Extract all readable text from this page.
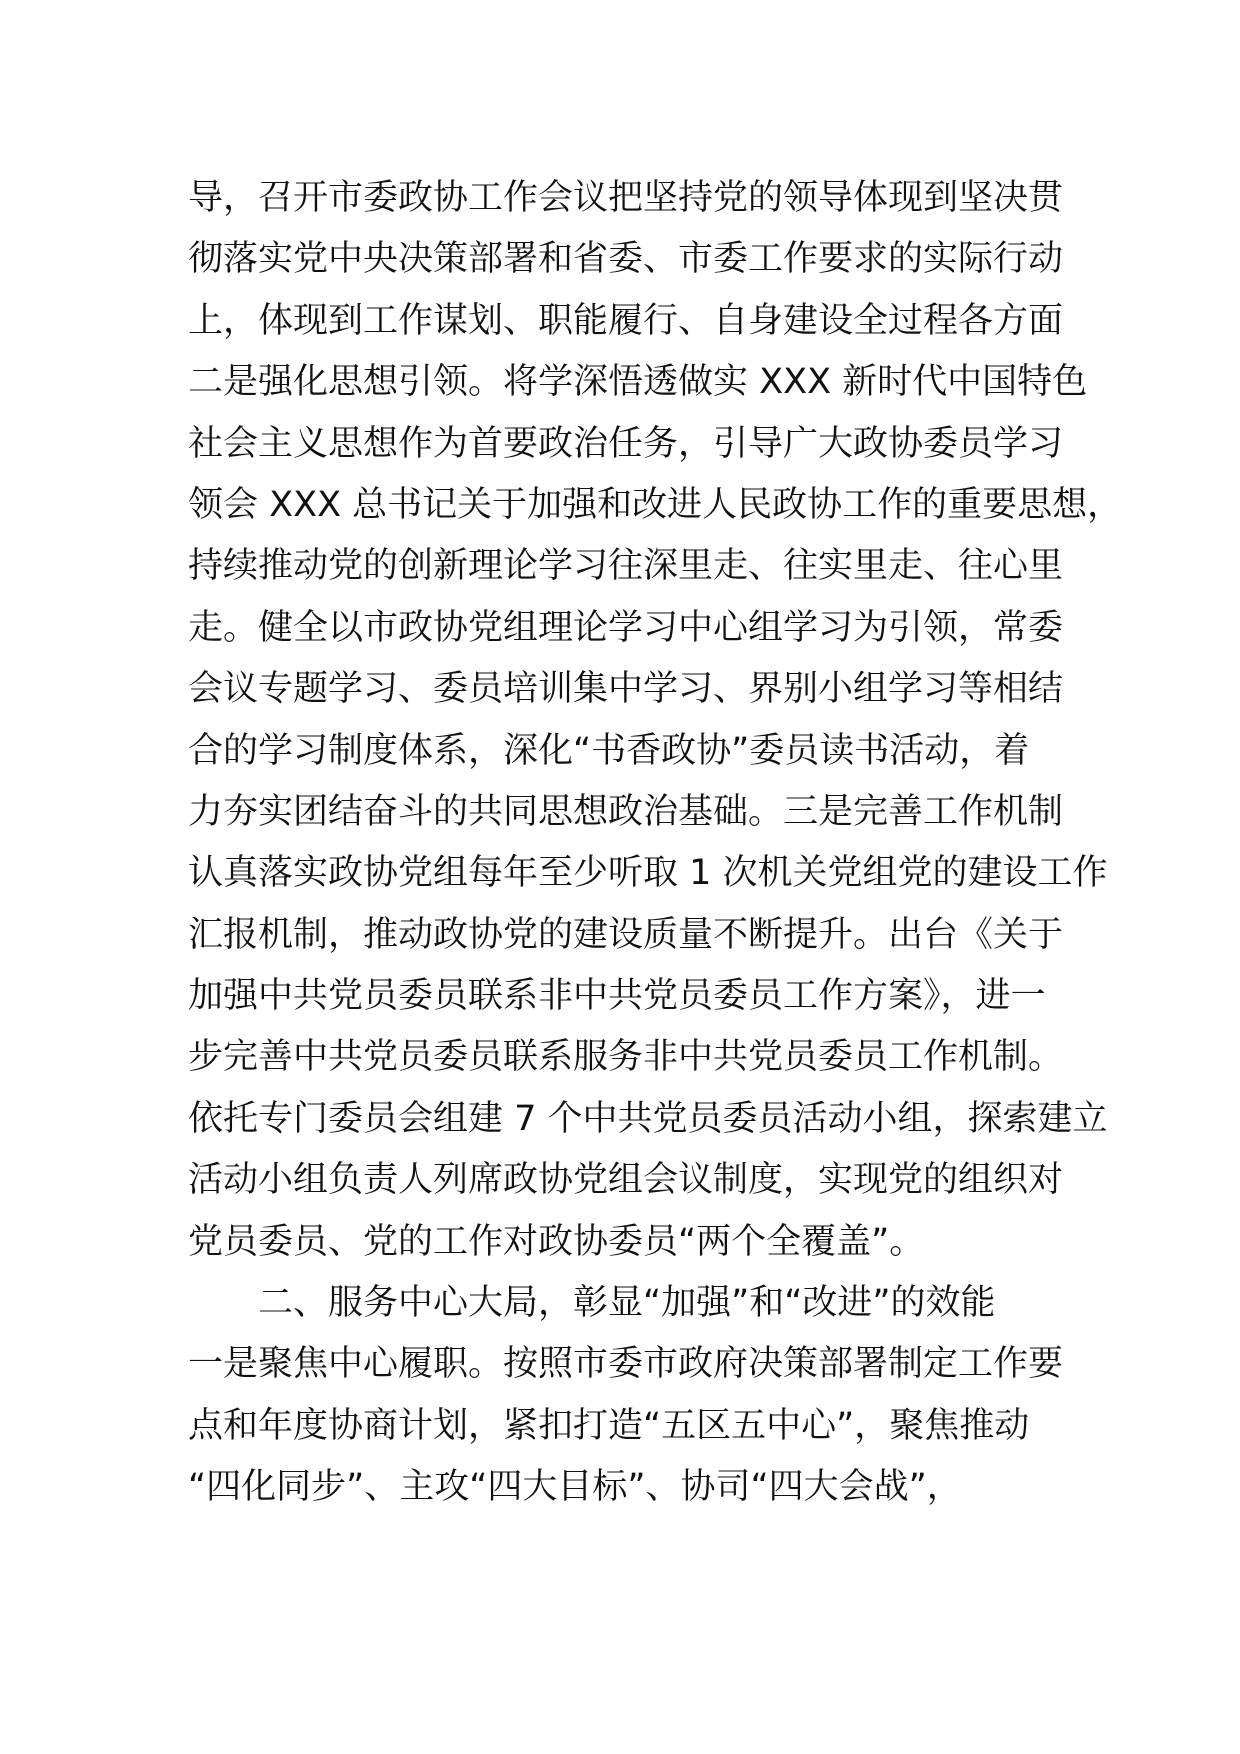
导，召开市委政协工作会议把坚持党的领导体现到坚决贯
彻落实党中央决策部署和省委、市委工作要求的实际行动
上，体现到工作谋划、职能履行、自身建设全过程各方面
二是强化思想引领。将学深悟透做实 XXX 新时代中国特色
社会主义思想作为首要政治任务，引导广大政协委员学习
领会 XXX 总书记关于加强和改进人民政协工作的重要思想，
持续推动党的创新理论学习往深里走、往实里走、往心里
走。健全以市政协党组理论学习中心组学习为引领，常委
会议专题学习、委员培训集中学习、界别小组学习等相结
合的学习制度体系，深化“书香政协”委员读书活动，着
力夯实团结奋斗的共同思想政治基础。三是完善工作机制
认真落实政协党组每年至少听取 1 次机关党组党的建设工作
汇报机制，推动政协党的建设质量不断提升。出台《关于
加强中共党员委员联系非中共党员委员工作方案》，进一
步完善中共党员委员联系服务非中共党员委员工作机制。
依托专门委员会组建 7 个中共党员委员活动小组，探索建立
活动小组负责人列席政协党组会议制度，实现党的组织对
党员委员、党的工作对政协委员“两个全覆盖”。
二、服务中心大局，彰显“加强”和“改进”的效能
一是聚焦中心履职。按照市委市政府决策部署制定工作要
点和年度协商计划，紧扣打造“五区五中心”，聚焦推动
“四化同步”、主攻“四大目标”、协司“四大会战”，
